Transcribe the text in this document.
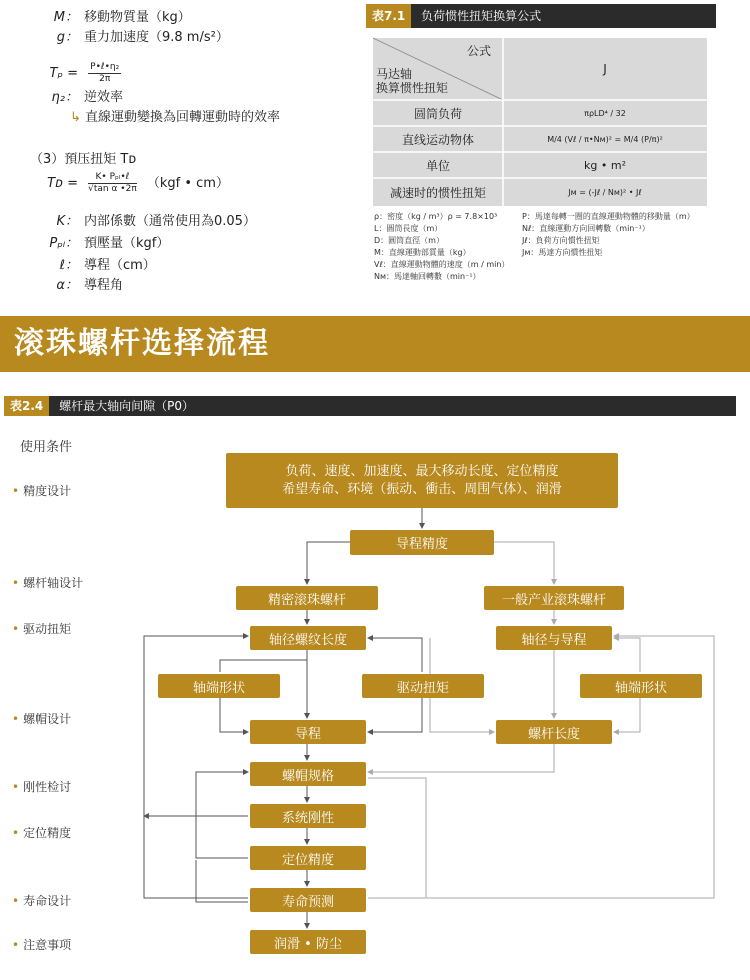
M： 移動物質量（kg）
g： 重力加速度（9.8 m/s²）
$T_p = \frac{\text{P•ℓ•η₂}}{2\pi}$
η₂： 逆效率
↳ 直線運動變換為回轉運動時的效率
（3）預压扭矩 Tᴅ
Tᴅ = $\frac{\text{K• Pₚₗ•ℓ}}{\text{√tan α •2π}} (kgf$ • cm）
K： 内部係數（通常使用為0.05）
Pₚₗ： 預壓量（kgf）
ℓ： 導程（cm）
α： 導程角
表7.1 负荷惯性扭矩换算公式
公式
马达轴
换算惯性扭矩
J
圆筒负荷	πρLD⁴ / 32
直线运动物体	M/4 (Vℓ / π•Nм)² = M/4 (P/π)²
单位	kg • m²
减速时的惯性扭矩	Jм = (-Jℓ / Nм)² • Jℓ
ρ：密度（kg / m³）ρ = 7.8×10³
L：圓筒長度（m）
D：圓筒直徑（m）
M：直線運動部質量（kg）
Vℓ：直線運動物體的速度（m / min）
Nм：馬達軸回轉數（min⁻¹）
P：馬達每轉一圈的直線運動物體的移動量（m）
Nℓ：直線運動方向回轉數（min⁻¹）
Jℓ：負荷方向慣性扭矩
Jм：馬達方向慣性扭矩
滚珠螺杆选择流程
表2.4 螺杆最大轴向间隙（P0）
使用条件
• 精度设计
• 螺杆轴设计
• 驱动扭矩
• 螺帽设计
• 刚性检讨
• 定位精度
• 寿命设计
• 注意事项
负荷、速度、加速度、最大移动长度、定位精度
希望寿命、环境（振动、衝击、周围气体）、润滑
导程精度
精密滚珠螺杆	一般产业滚珠螺杆
轴径螺纹长度	轴径与导程
轴端形状	驱动扭矩	轴端形状
导程	螺杆长度
螺帽规格
系统刚性
定位精度
寿命预测
润滑 • 防尘
